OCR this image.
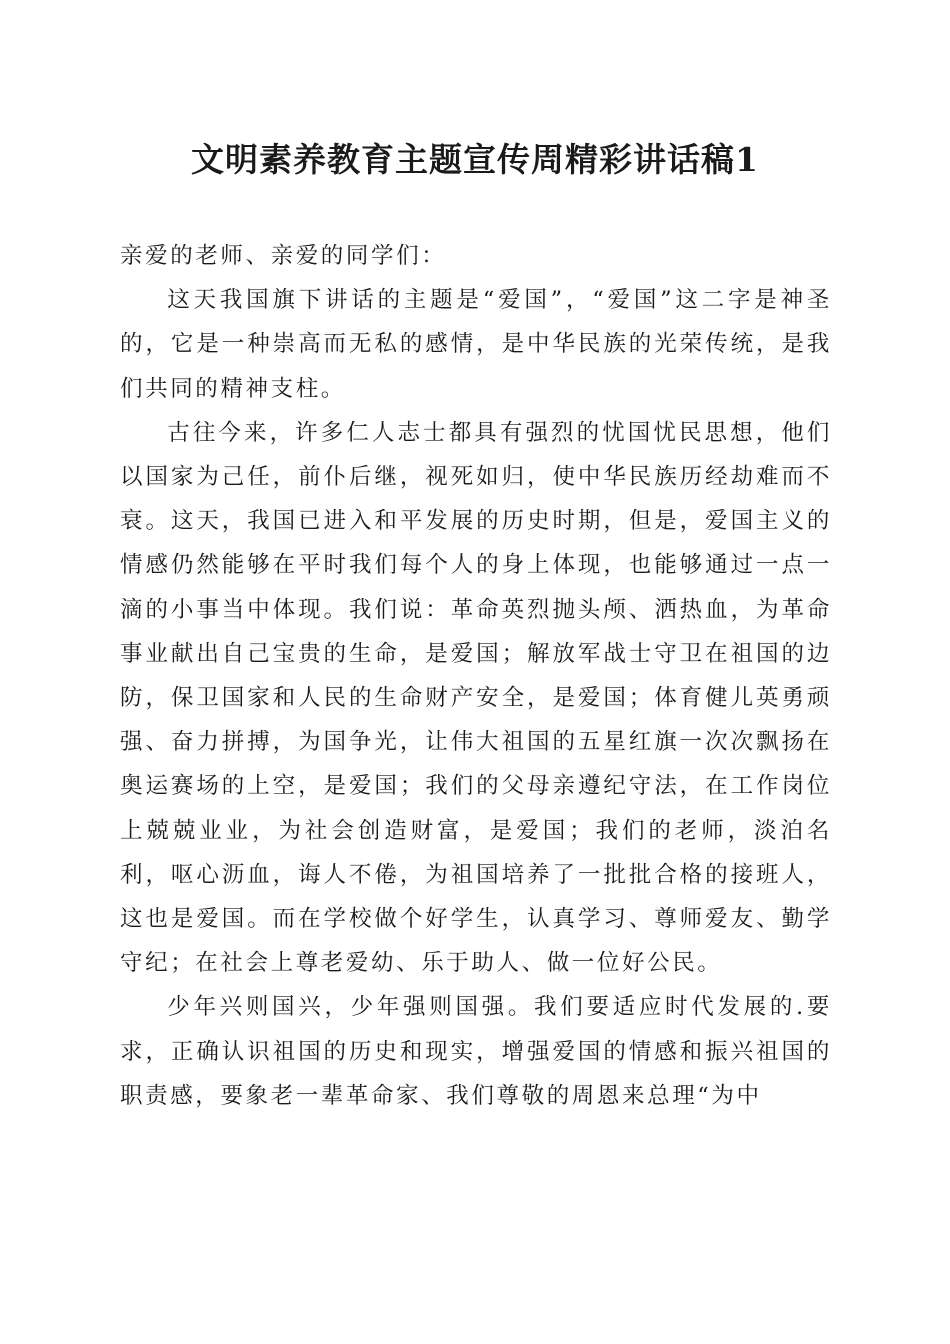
文明素养教育主题宣传周精彩讲话稿1

亲爱的老师、亲爱的同学们：

这天我国旗下讲话的主题是“爱国”，“爱国”这二字是神圣的，它是一种崇高而无私的感情，是中华民族的光荣传统，是我们共同的精神支柱。

古往今来，许多仁人志士都具有强烈的忧国忧民思想，他们以国家为己任，前仆后继，视死如归，使中华民族历经劫难而不衰。这天，我国已进入和平发展的历史时期，但是，爱国主义的情感仍然能够在平时我们每个人的身上体现，也能够通过一点一滴的小事当中体现。我们说：革命英烈抛头颅、洒热血，为革命事业献出自己宝贵的生命，是爱国；解放军战士守卫在祖国的边防，保卫国家和人民的生命财产安全，是爱国；体育健儿英勇顽强、奋力拼搏，为国争光，让伟大祖国的五星红旗一次次飘扬在奥运赛场的上空，是爱国；我们的父母亲遵纪守法，在工作岗位上兢兢业业，为社会创造财富，是爱国；我们的老师，淡泊名利，呕心沥血，诲人不倦，为祖国培养了一批批合格的接班人，这也是爱国。而在学校做个好学生，认真学习、尊师爱友、勤学守纪；在社会上尊老爱幼、乐于助人、做一位好公民。

少年兴则国兴，少年强则国强。我们要适应时代发展的.要求，正确认识祖国的历史和现实，增强爱国的情感和振兴祖国的职责感，要象老一辈革命家、我们尊敬的周恩来总理“为中
